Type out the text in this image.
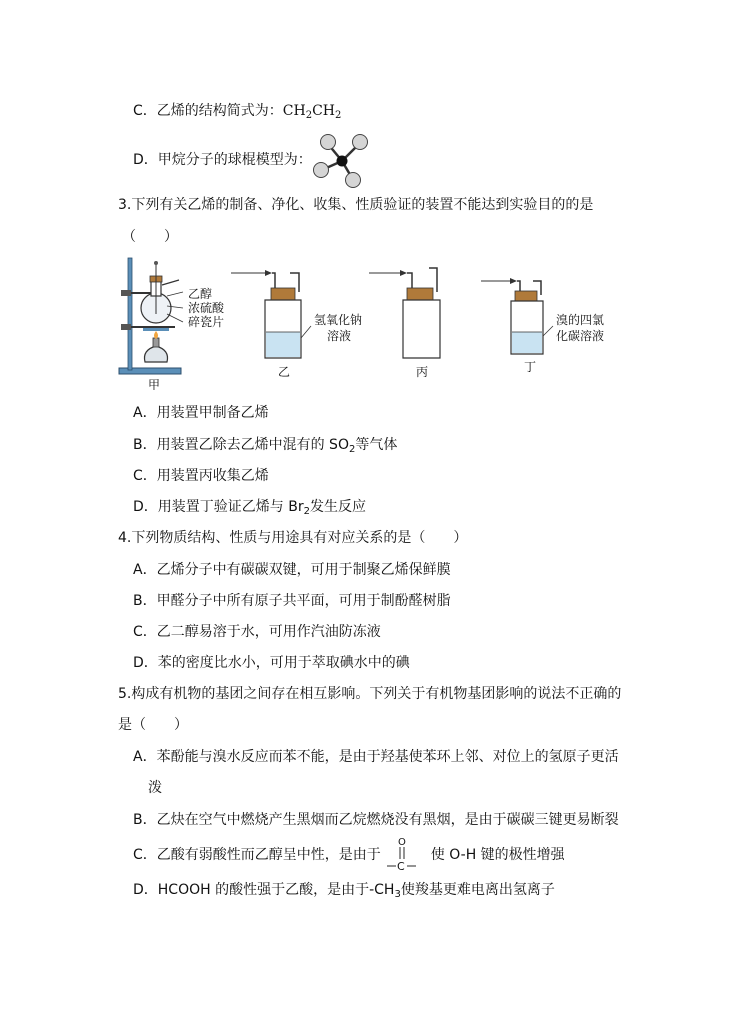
C．乙烯的结构简式为：$CH_2CH_2$
D．甲烷分子的球棍模型为：
3.下列有关乙烯的制备、净化、收集、性质验证的装置不能达到实验目的的是
（　　）
乙醇
浓硫酸
碎瓷片
甲
氢氧化钠
溶液
乙	丙
溴的四氯
化碳溶液
丁
A．用装置甲制备乙烯
B．用装置乙除去乙烯中混有的 $SO_2$等气体
C．用装置丙收集乙烯
D．用装置丁验证乙烯与 $Br_2$发生反应
4.下列物质结构、性质与用途具有对应关系的是（　　）
A．乙烯分子中有碳碳双键，可用于制聚乙烯保鲜膜
B．甲醛分子中所有原子共平面，可用于制酚醛树脂
C．乙二醇易溶于水，可用作汽油防冻液
D．苯的密度比水小，可用于萃取碘水中的碘
5.构成有机物的基团之间存在相互影响。下列关于有机物基团影响的说法不正确的
是（　　）
A．苯酚能与溴水反应而苯不能，是由于羟基使苯环上邻、对位上的氢原子更活
泼
B．乙炔在空气中燃烧产生黑烟而乙烷燃烧没有黑烟，是由于碳碳三键更易断裂
C．乙酸有弱酸性而乙醇呈中性，是由于	使 O-H 键的极性增强
O
C
D．HCOOH 的酸性强于乙酸，是由于$-CH_3$使羧基更难电离出氢离子
